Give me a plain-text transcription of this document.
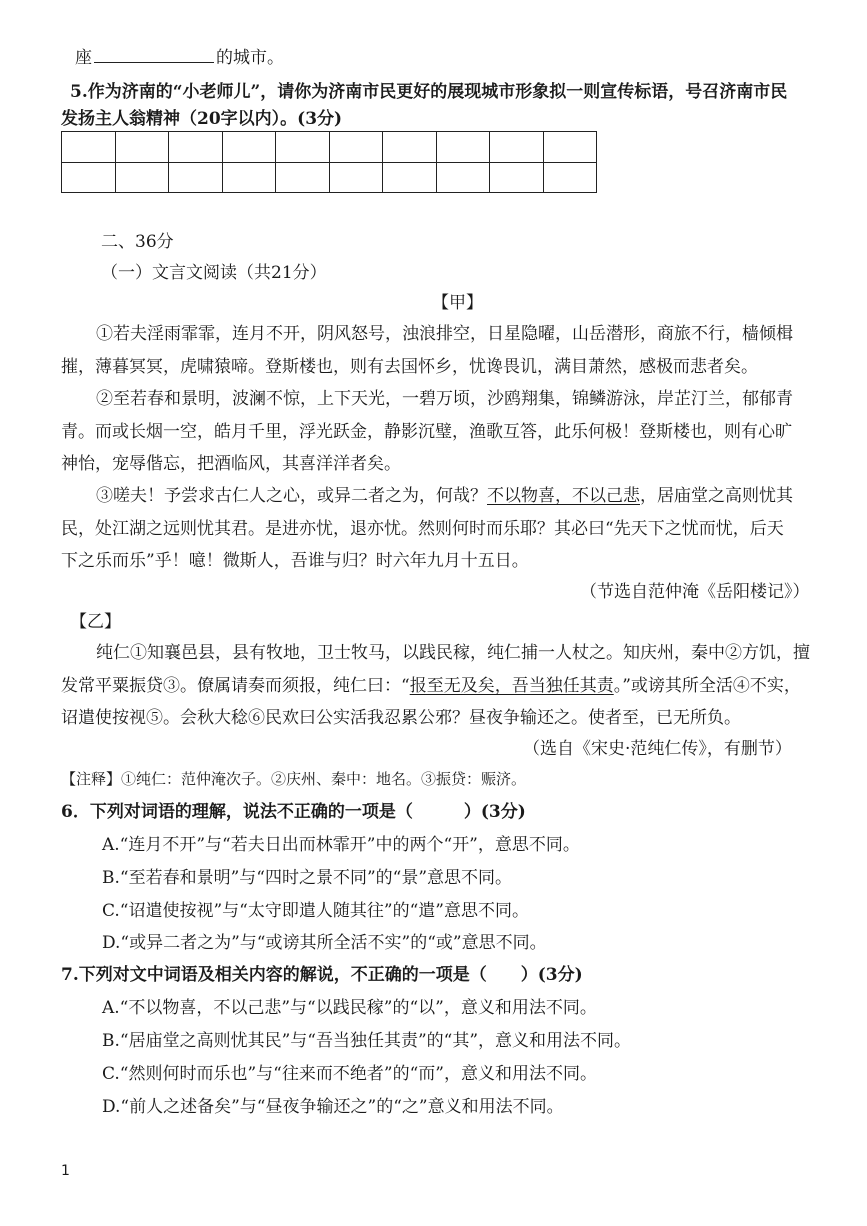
座	的城市。
5.作为济南的“小老师儿”，请你为济南市民更好的展现城市形象拟一则宣传标语，号召济南市民
发扬主人翁精神（20字以内）。(3分)

二、36分
（一）文言文阅读（共21分）
【甲】
①若夫淫雨霏霏，连月不开，阴风怒号，浊浪排空，日星隐曜，山岳潜形，商旅不行，樯倾楫
摧，薄暮冥冥，虎啸猿啼。登斯楼也，则有去国怀乡，忧谗畏讥，满目萧然，感极而悲者矣。
②至若春和景明，波澜不惊，上下天光，一碧万顷，沙鸥翔集，锦鳞游泳，岸芷汀兰，郁郁青
青。而或长烟一空，皓月千里，浮光跃金，静影沉璧，渔歌互答，此乐何极！登斯楼也，则有心旷
神怡，宠辱偕忘，把酒临风，其喜洋洋者矣。
③嗟夫！予尝求古仁人之心，或异二者之为，何哉？不以物喜，不以己悲，居庙堂之高则忧其
民，处江湖之远则忧其君。是进亦忧，退亦忧。然则何时而乐耶？其必曰“先天下之忧而忧，后天
下之乐而乐”乎！噫！微斯人，吾谁与归？时六年九月十五日。
（节选自范仲淹《岳阳楼记》）
【乙】
纯仁①知襄邑县，县有牧地，卫士牧马，以践民稼，纯仁捕一人杖之。知庆州，秦中②方饥，擅
发常平粟振贷③。僚属请奏而须报，纯仁曰：“报至无及矣，吾当独任其责。”或谤其所全活④不实，
诏遣使按视⑤。会秋大稔⑥民欢曰公实活我忍累公邪？昼夜争输还之。使者至，已无所负。
（选自《宋史·范纯仁传》，有删节）
【注释】①纯仁：范仲淹次子。②庆州、秦中：地名。③振贷：赈济。
6．下列对词语的理解，说法不正确的一项是（　　　）(3分)
A.“连月不开”与“若夫日出而林霏开”中的两个“开”，意思不同。
B.“至若春和景明”与“四时之景不同”的“景”意思不同。
C.“诏遣使按视”与“太守即遣人随其往”的“遣”意思不同。
D.“或异二者之为”与“或谤其所全活不实”的“或”意思不同。
7.下列对文中词语及相关内容的解说，不正确的一项是（　　）(3分)
A.“不以物喜，不以己悲”与“以践民稼”的“以”，意义和用法不同。
B.“居庙堂之高则忧其民”与“吾当独任其责”的“其”，意义和用法不同。
C.“然则何时而乐也”与“往来而不绝者”的“而”，意义和用法不同。
D.“前人之述备矣”与“昼夜争输还之”的“之”意义和用法不同。
1
